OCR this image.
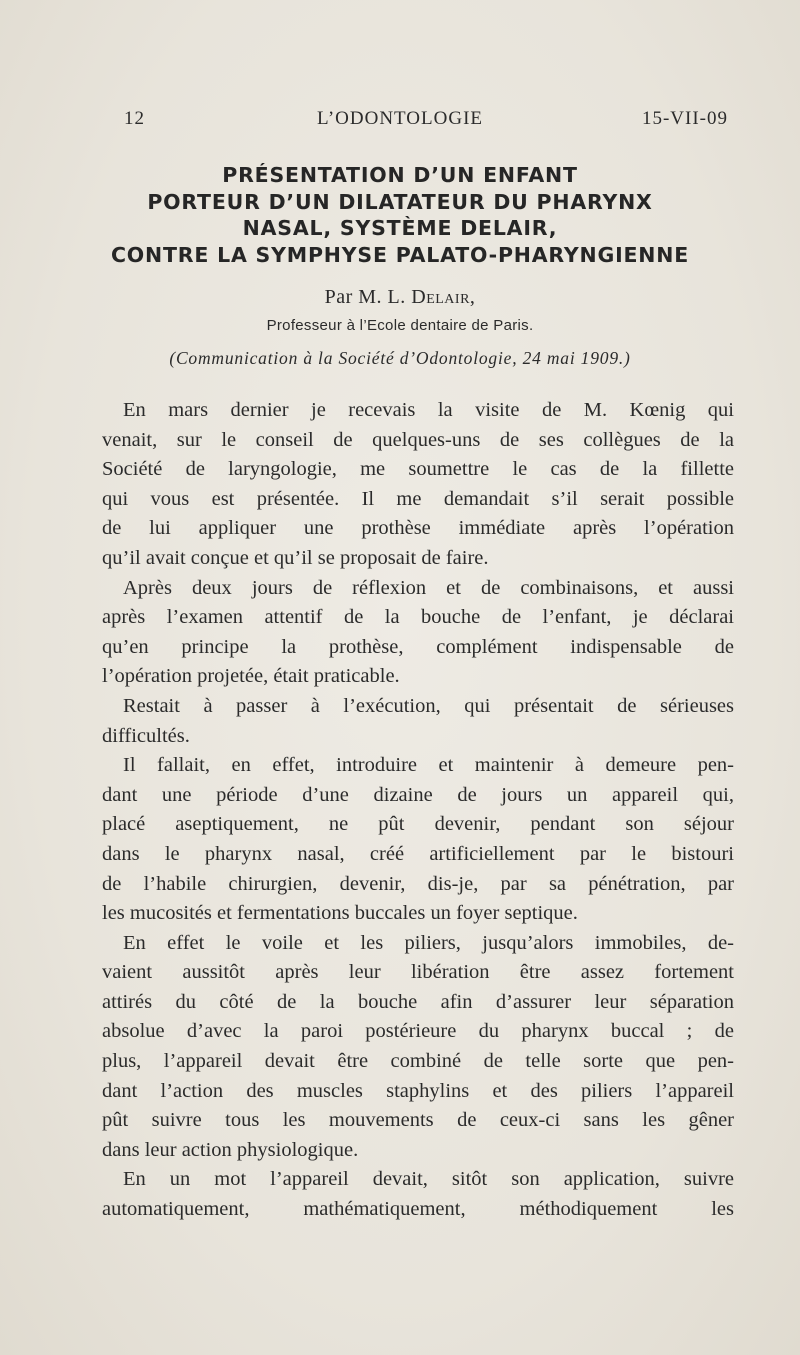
12	L’ODONTOLOGIE	15-VII-09
PRÉSENTATION D’UN ENFANT
PORTEUR D’UN DILATATEUR DU PHARYNX
NASAL, SYSTÈME DELAIR,
CONTRE LA SYMPHYSE PALATO-PHARYNGIENNE
Par M. L. Delair,
Professeur à l’Ecole dentaire de Paris.
(Communication à la Société d’Odontologie, 24 mai 1909.)
En mars dernier je recevais la visite de M. Kœnig qui
venait, sur le conseil de quelques-uns de ses collègues de la
Société de laryngologie, me soumettre le cas de la fillette
qui vous est présentée. Il me demandait s’il serait possible
de lui appliquer une prothèse immédiate après l’opération
qu’il avait conçue et qu’il se proposait de faire.
Après deux jours de réflexion et de combinaisons, et aussi
après l’examen attentif de la bouche de l’enfant, je déclarai
qu’en principe la prothèse, complément indispensable de
l’opération projetée, était praticable.
Restait à passer à l’exécution, qui présentait de sérieuses
difficultés.
Il fallait, en effet, introduire et maintenir à demeure pen-
dant une période d’une dizaine de jours un appareil qui,
placé aseptiquement, ne pût devenir, pendant son séjour
dans le pharynx nasal, créé artificiellement par le bistouri
de l’habile chirurgien, devenir, dis-je, par sa pénétration, par
les mucosités et fermentations buccales un foyer septique.
En effet le voile et les piliers, jusqu’alors immobiles, de-
vaient aussitôt après leur libération être assez fortement
attirés du côté de la bouche afin d’assurer leur séparation
absolue d’avec la paroi postérieure du pharynx buccal ; de
plus, l’appareil devait être combiné de telle sorte que pen-
dant l’action des muscles staphylins et des piliers l’appareil
pût suivre tous les mouvements de ceux-ci sans les gêner
dans leur action physiologique.
En un mot l’appareil devait, sitôt son application, suivre
automatiquement, mathématiquement, méthodiquement les
